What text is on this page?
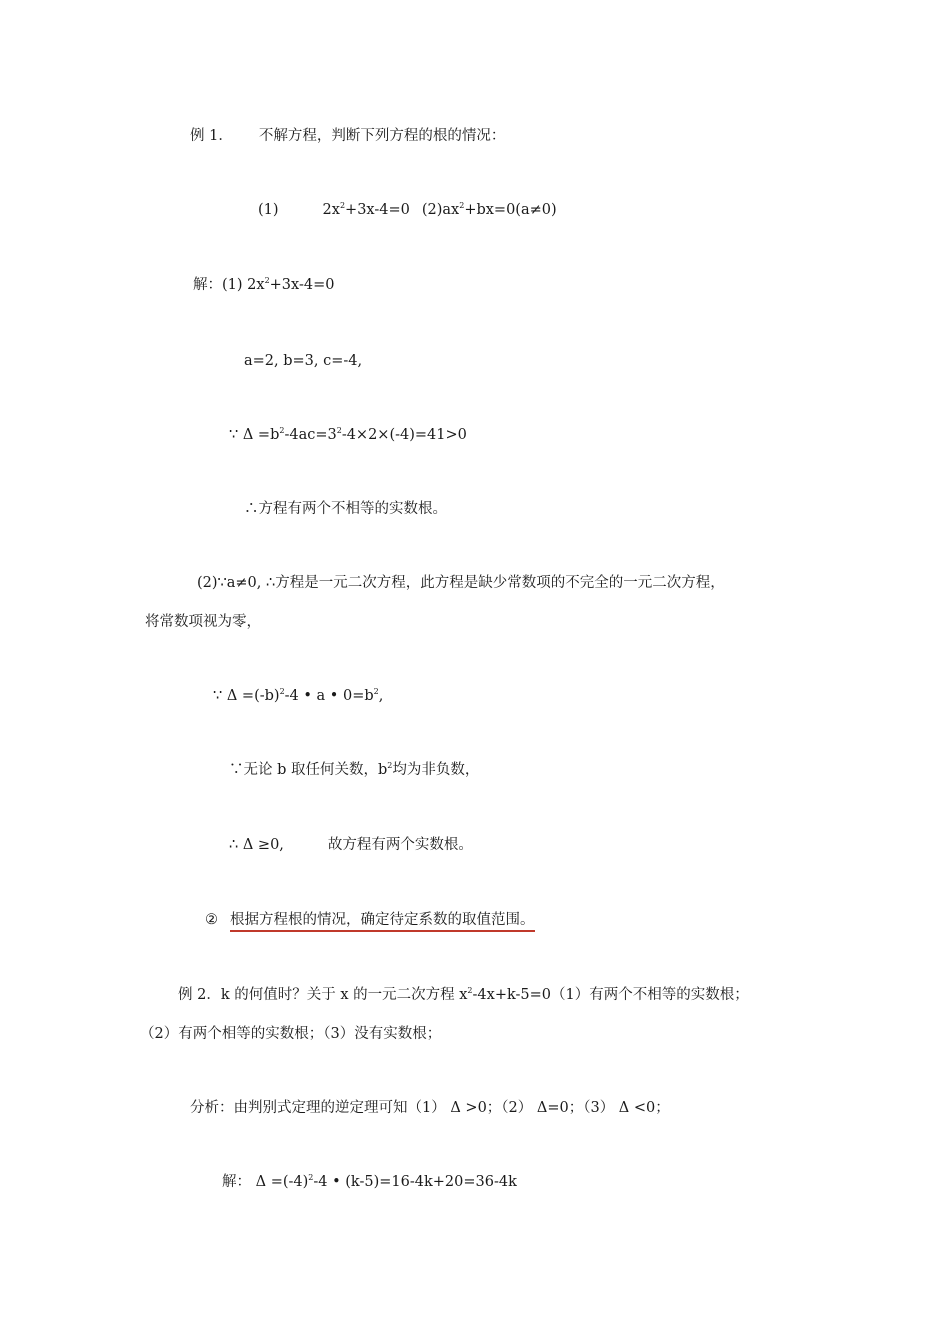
例 1． 不解方程，判断下列方程的根的情况：

(1)	$2x^2+3x-4=0$ $(2)ax^2+bx=0(a\ne 0)$

解：(1) $2x^2+3x-4=0$

a=2, b=3, c=-4,

∵ $\Delta =b^2-4ac=3^2-4\times 2\times(-4)=41>0$

∴方程有两个不相等的实数根。

(2)∵a≠0, ∴方程是一元二次方程，此方程是缺少常数项的不完全的一元二次方程，

将常数项视为零，

∵ $\Delta =(-b)^2-4$ • a • $0=b^2$,

∵无论 b 取任何关数，$b^2$均为非负数，

∴ Δ ≥0,	故方程有两个实数根。

② 根据方程根的情况，确定待定系数的取值范围。

例 2．k 的何值时？关于 x 的一元二次方程 $x^2-4x+k-5=0(1)$有两个不相等的实数根；

（2）有两个相等的实数根；（3）没有实数根；

分析：由判别式定理的逆定理可知（1） Δ >0；（2） Δ=0；（3） Δ <0；

解： $\Delta =(-4)^2-4$ • (k-5)=16-4k+20=36-4k
